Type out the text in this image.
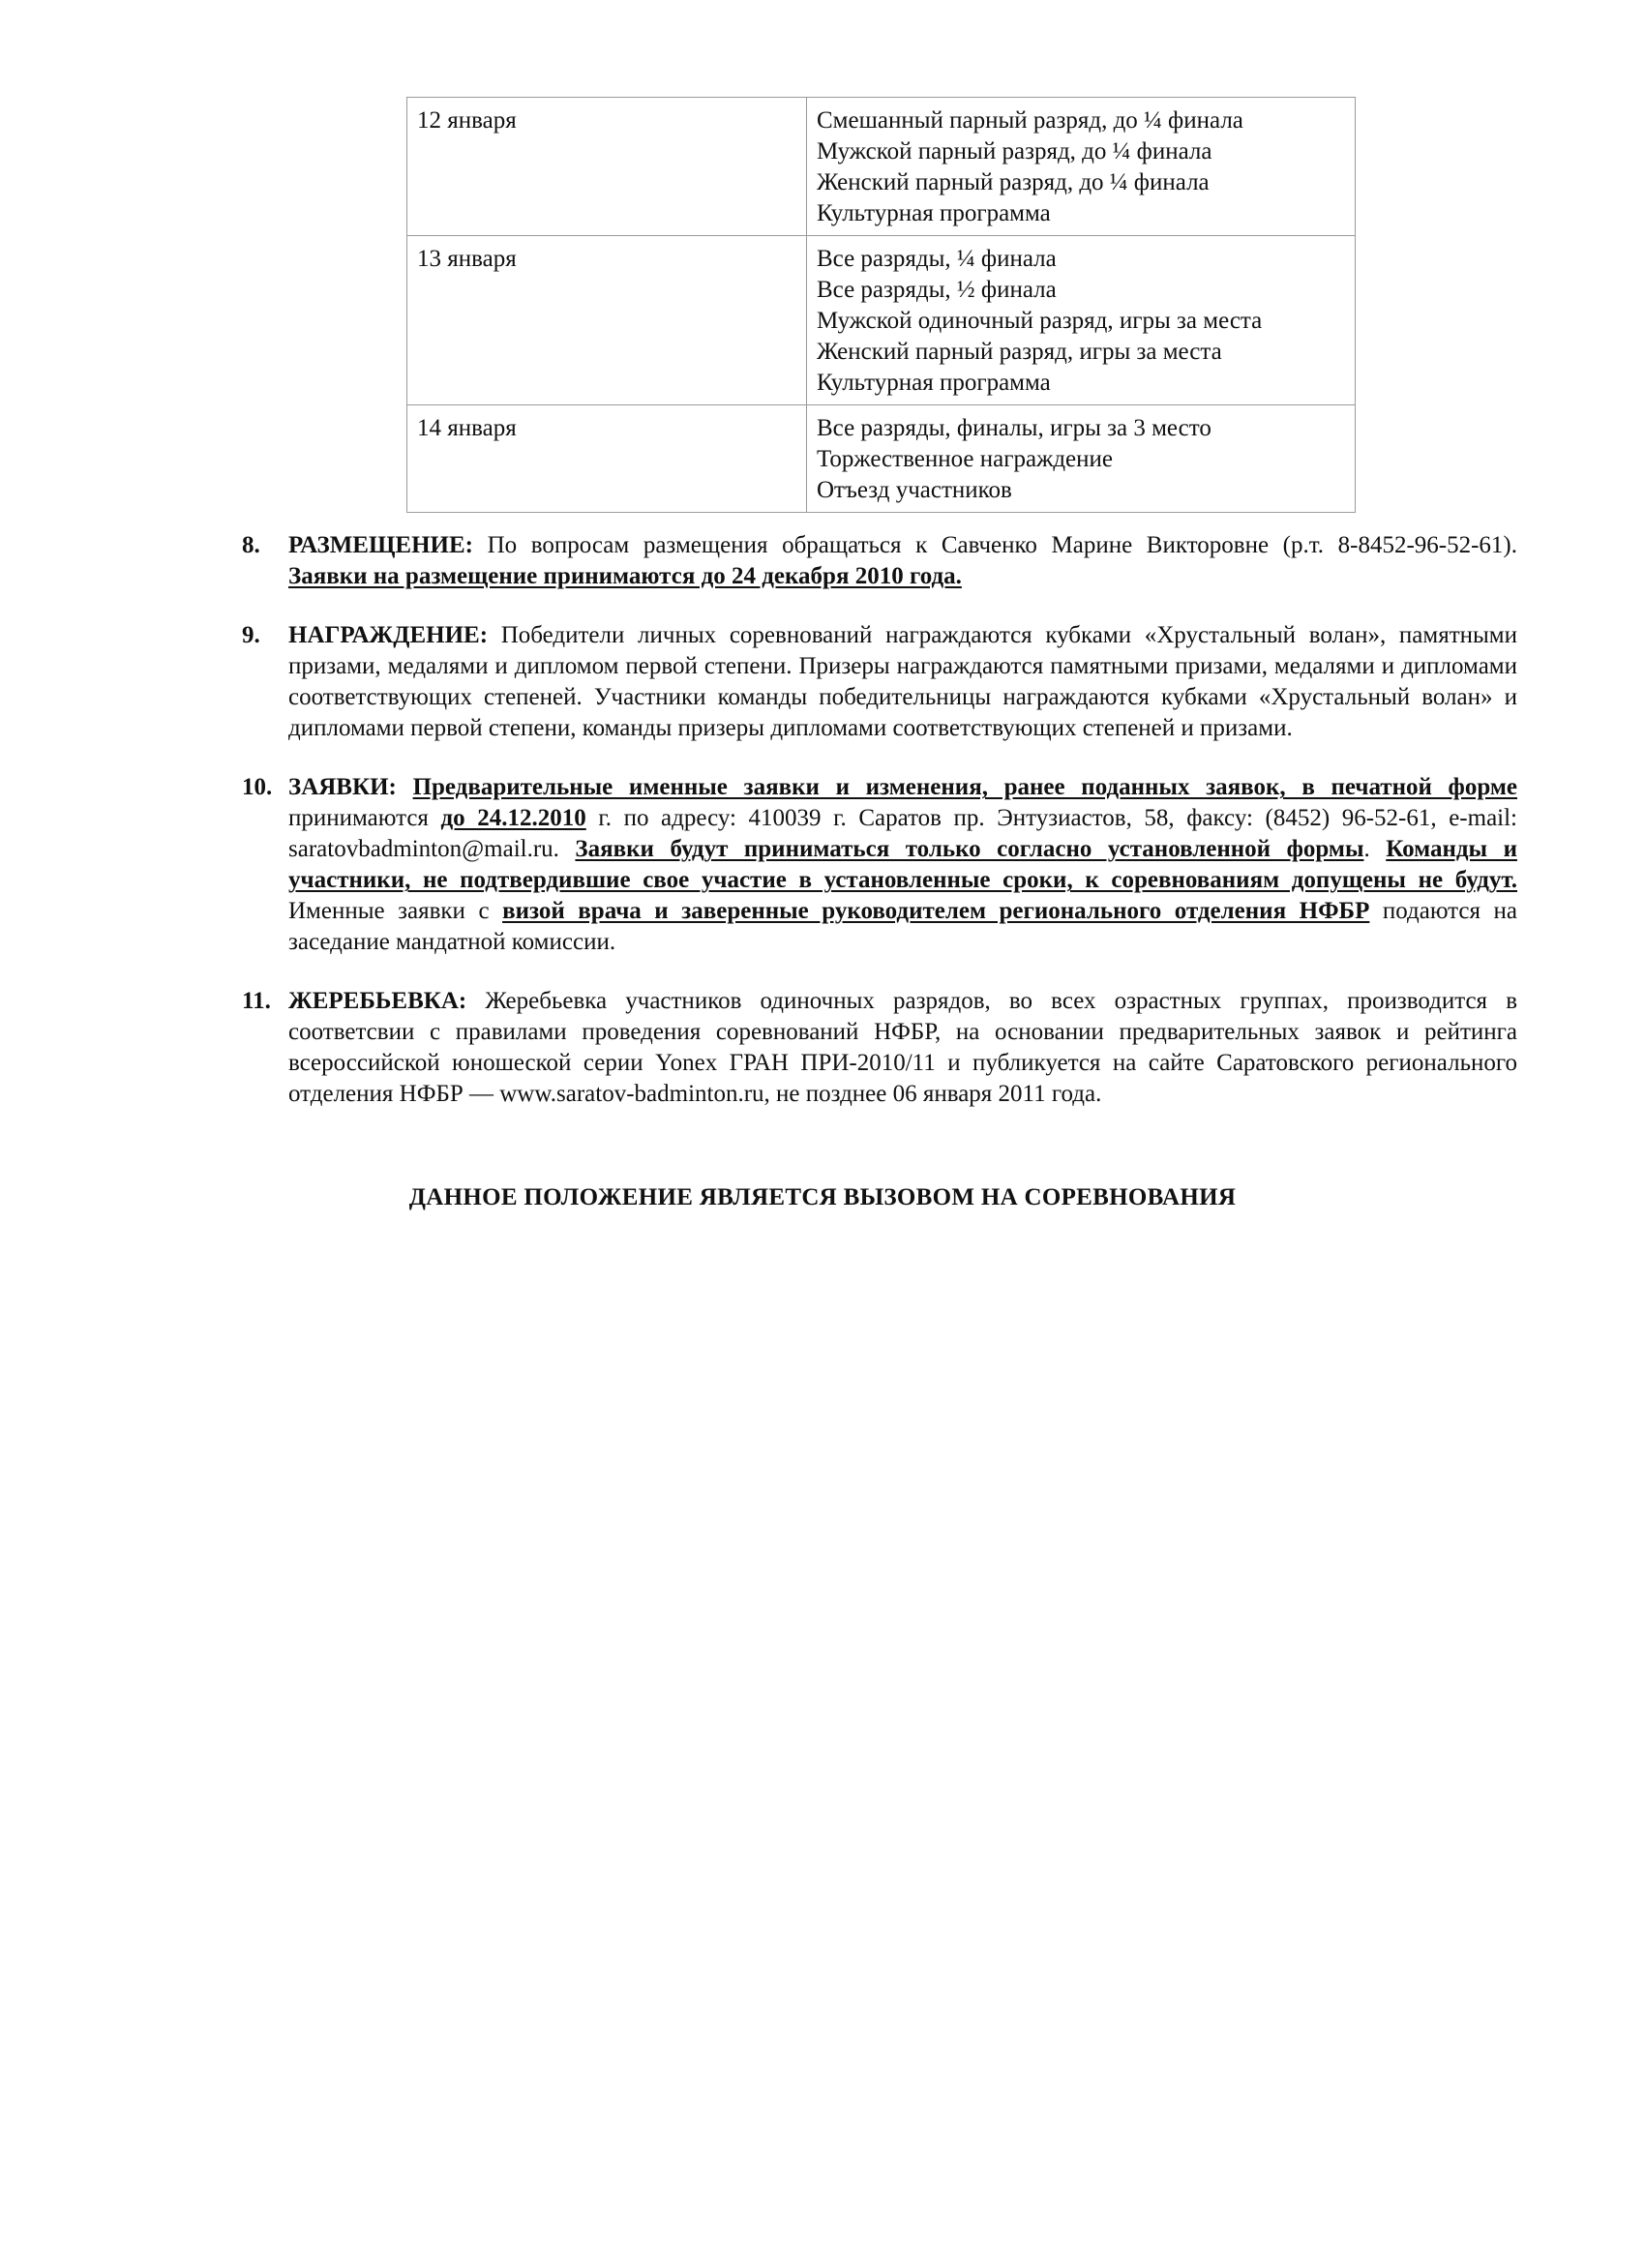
12 января	Смешанный парный разряд, до ¼ финала
Мужской парный разряд, до ¼ финала
Женский парный разряд, до ¼ финала
Культурная программа

13 января	Все разряды, ¼ финала
Все разряды, ½ финала
Мужской одиночный разряд, игры за места
Женский парный разряд, игры за места
Культурная программа

14 января	Все разряды, финалы, игры за 3 место
Торжественное награждение
Отъезд участников
8.	РАЗМЕЩЕНИЕ: По вопросам размещения обращаться к Савченко Марине Викторовне (р.т. 8-8452-96-52-61). Заявки на размещение принимаются до 24 декабря 2010 года.
9.	НАГРАЖДЕНИЕ: Победители личных соревнований награждаются кубками «Хрустальный волан», памятными призами, медалями и дипломом первой степени. Призеры награждаются памятными призами, медалями и дипломами соответствующих степеней. Участники команды победительницы награждаются кубками «Хрустальный волан» и дипломами первой степени, команды призеры дипломами соответствующих степеней и призами.
10. ЗАЯВКИ: Предварительные именные заявки и изменения, ранее поданных заявок, в печатной форме принимаются до 24.12.2010 г. по адресу: 410039 г. Саратов пр. Энтузиастов, 58, факсу: (8452) 96-52-61, e-mail: saratovbadminton@mail.ru. Заявки будут приниматься только согласно установленной формы. Команды и участники, не подтвердившие свое участие в установленные сроки, к соревнованиям допущены не будут. Именные заявки с визой врача и заверенные руководителем регионального отделения НФБР подаются на заседание мандатной комиссии.
11. ЖЕРЕБЬЕВКА: Жеребьевка участников одиночных разрядов, во всех озрастных группах, производится в соответсвии с правилами проведения соревнований НФБР, на основании предварительных заявок и рейтинга всероссийской юношеской серии Yonex ГРАН ПРИ-2010/11 и публикуется на сайте Саратовского регионального отделения НФБР — www.saratov-badminton.ru, не позднее 06 января 2011 года.
ДАННОЕ ПОЛОЖЕНИЕ ЯВЛЯЕТСЯ ВЫЗОВОМ НА СОРЕВНОВАНИЯ
